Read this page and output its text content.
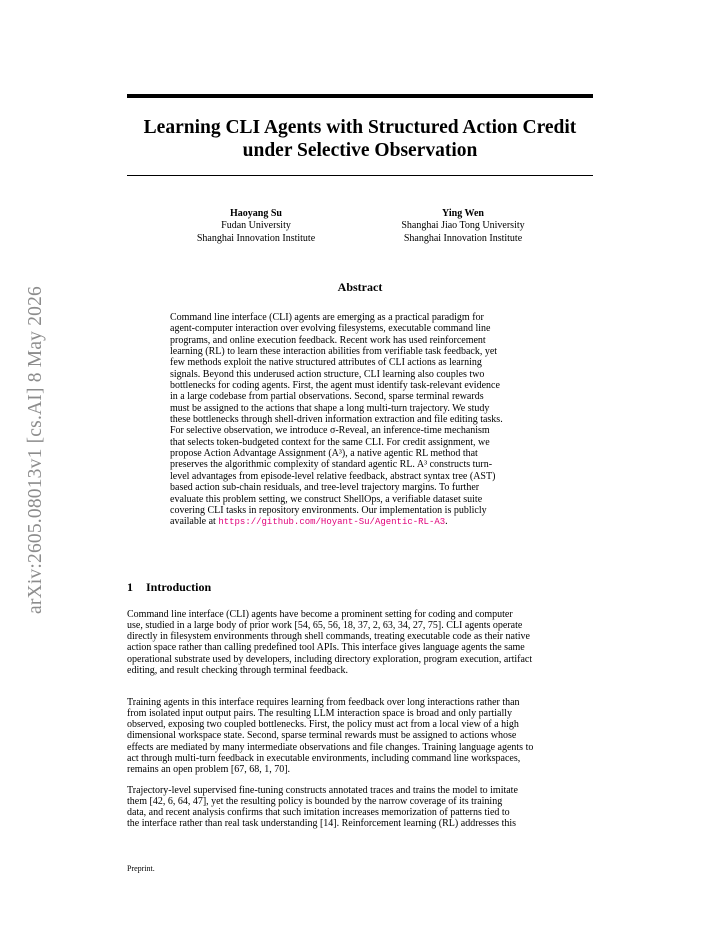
arXiv:2605.08013v1 [cs.AI] 8 May 2026
Learning CLI Agents with Structured Action Credit
under Selective Observation
Haoyang Su
Fudan University
Shanghai Innovation Institute
Ying Wen
Shanghai Jiao Tong University
Shanghai Innovation Institute
Abstract
Command line interface (CLI) agents are emerging as a practical paradigm for
agent-computer interaction over evolving filesystems, executable command line
programs, and online execution feedback. Recent work has used reinforcement
learning (RL) to learn these interaction abilities from verifiable task feedback, yet
few methods exploit the native structured attributes of CLI actions as learning
signals. Beyond this underused action structure, CLI learning also couples two
bottlenecks for coding agents. First, the agent must identify task-relevant evidence
in a large codebase from partial observations. Second, sparse terminal rewards
must be assigned to the actions that shape a long multi-turn trajectory. We study
these bottlenecks through shell-driven information extraction and file editing tasks.
For selective observation, we introduce σ-Reveal, an inference-time mechanism
that selects token-budgeted context for the same CLI. For credit assignment, we
propose Action Advantage Assignment (A³), a native agentic RL method that
preserves the algorithmic complexity of standard agentic RL. A³ constructs turn-
level advantages from episode-level relative feedback, abstract syntax tree (AST)
based action sub-chain residuals, and tree-level trajectory margins. To further
evaluate this problem setting, we construct ShellOps, a verifiable dataset suite
covering CLI tasks in repository environments. Our implementation is publicly
available at https://github.com/Hoyant-Su/Agentic-RL-A3.
1 Introduction
Command line interface (CLI) agents have become a prominent setting for coding and computer
use, studied in a large body of prior work [54, 65, 56, 18, 37, 2, 63, 34, 27, 75]. CLI agents operate
directly in filesystem environments through shell commands, treating executable code as their native
action space rather than calling predefined tool APIs. This interface gives language agents the same
operational substrate used by developers, including directory exploration, program execution, artifact
editing, and result checking through terminal feedback.
Training agents in this interface requires learning from feedback over long interactions rather than
from isolated input output pairs. The resulting LLM interaction space is broad and only partially
observed, exposing two coupled bottlenecks. First, the policy must act from a local view of a high
dimensional workspace state. Second, sparse terminal rewards must be assigned to actions whose
effects are mediated by many intermediate observations and file changes. Training language agents to
act through multi-turn feedback in executable environments, including command line workspaces,
remains an open problem [67, 68, 1, 70].
Trajectory-level supervised fine-tuning constructs annotated traces and trains the model to imitate
them [42, 6, 64, 47], yet the resulting policy is bounded by the narrow coverage of its training
data, and recent analysis confirms that such imitation increases memorization of patterns tied to
the interface rather than real task understanding [14]. Reinforcement learning (RL) addresses this
Preprint.
